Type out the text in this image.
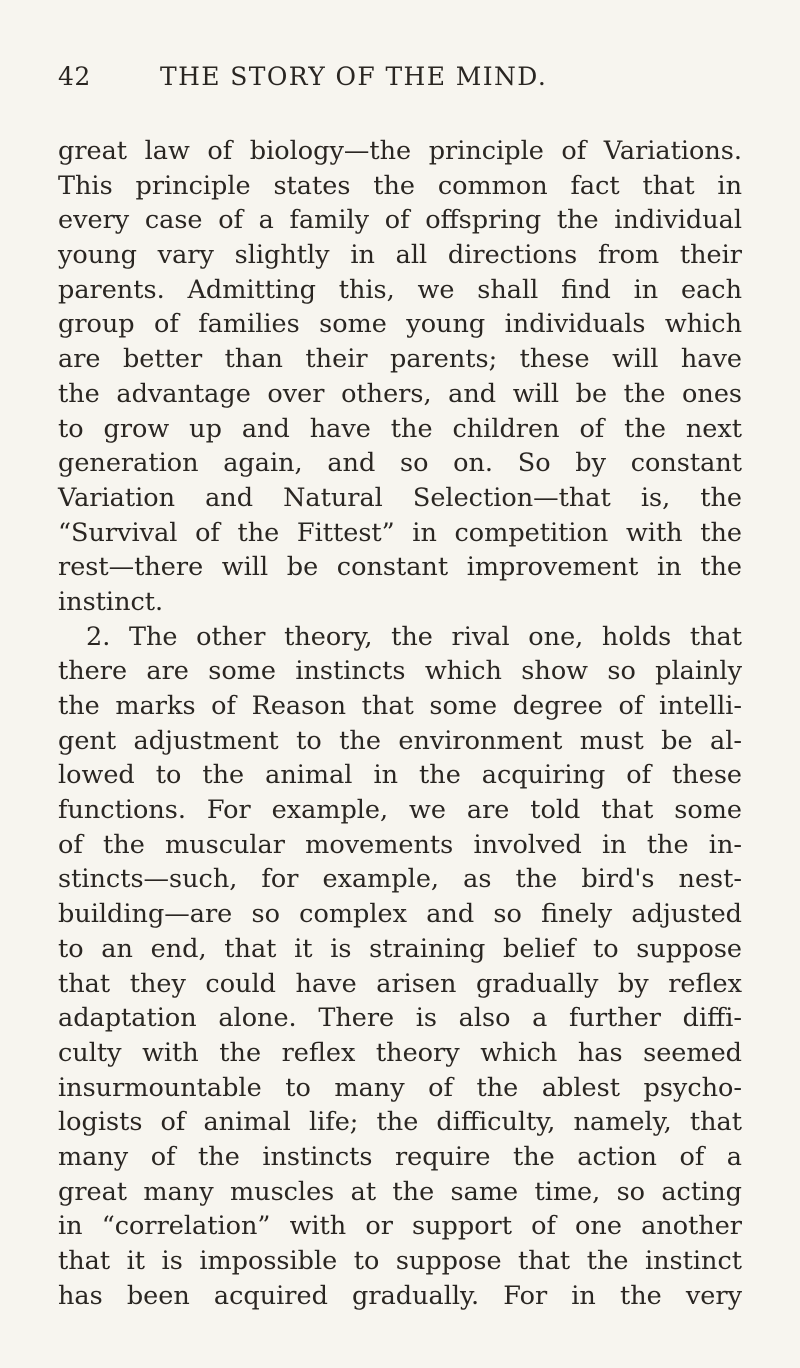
42	THE STORY OF THE MIND.
great law of biology—the principle of Variations.
This principle states the common fact that in
every case of a family of offspring the individual
young vary slightly in all directions from their
parents. Admitting this, we shall find in each
group of families some young individuals which
are better than their parents; these will have
the advantage over others, and will be the ones
to grow up and have the children of the next
generation again, and so on. So by constant
Variation and Natural Selection—that is, the
“Survival of the Fittest” in competition with the
rest—there will be constant improvement in the
instinct.
2. The other theory, the rival one, holds that
there are some instincts which show so plainly
the marks of Reason that some degree of intelli-
gent adjustment to the environment must be al-
lowed to the animal in the acquiring of these
functions. For example, we are told that some
of the muscular movements involved in the in-
stincts—such, for example, as the bird's nest-
building—are so complex and so finely adjusted
to an end, that it is straining belief to suppose
that they could have arisen gradually by reflex
adaptation alone. There is also a further diffi-
culty with the reflex theory which has seemed
insurmountable to many of the ablest psycho-
logists of animal life; the difficulty, namely, that
many of the instincts require the action of a
great many muscles at the same time, so acting
in “correlation” with or support of one another
that it is impossible to suppose that the instinct
has been acquired gradually. For in the very
